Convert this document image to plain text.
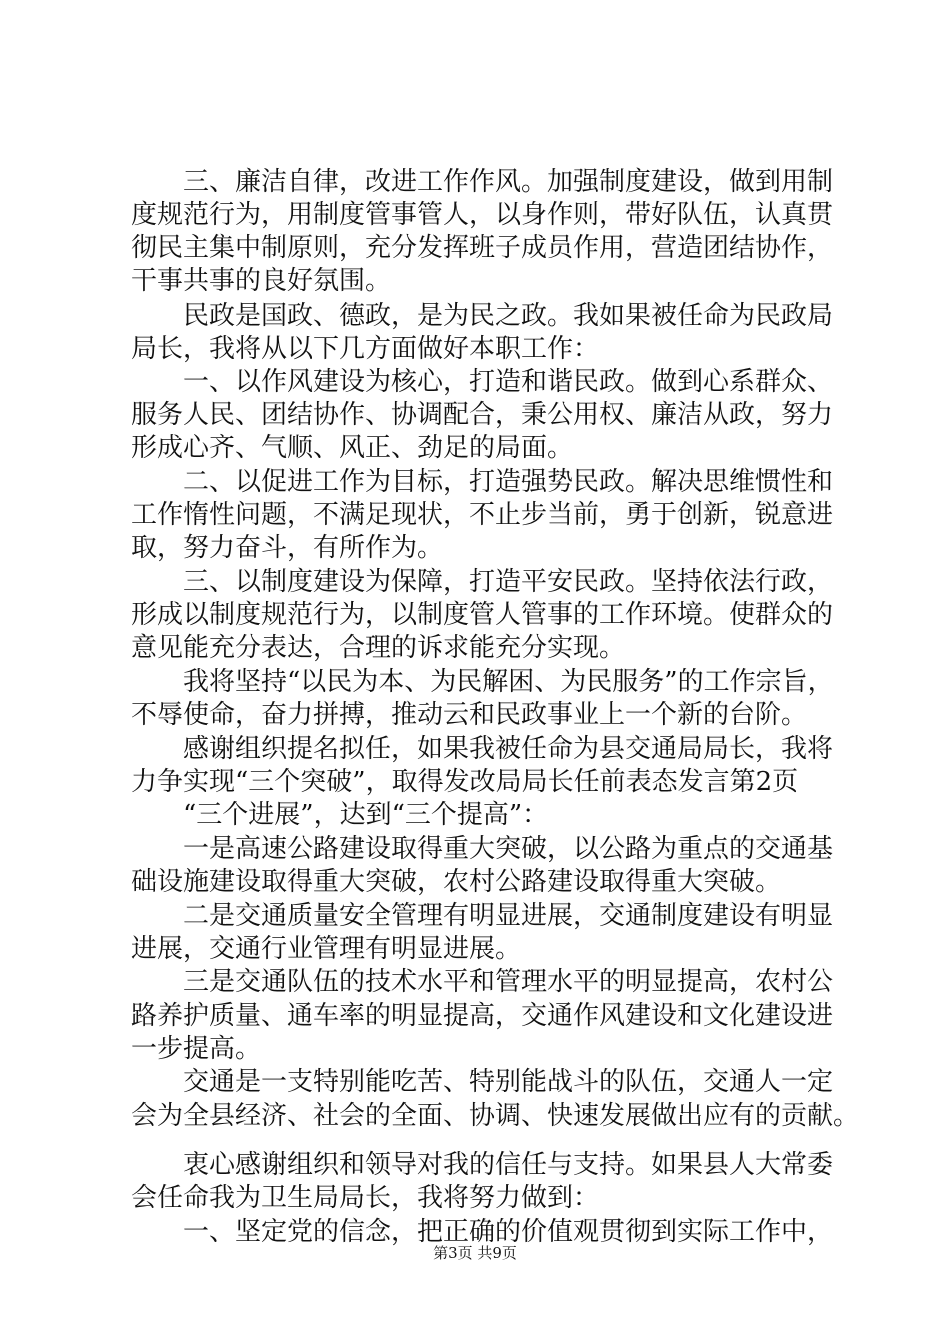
　　三、廉洁自律，改进工作作风。加强制度建设，做到用制
度规范行为，用制度管事管人，以身作则，带好队伍，认真贯
彻民主集中制原则，充分发挥班子成员作用，营造团结协作，
干事共事的良好氛围。
　　民政是国政、德政，是为民之政。我如果被任命为民政局
局长，我将从以下几方面做好本职工作：
　　一、以作风建设为核心，打造和谐民政。做到心系群众、
服务人民、团结协作、协调配合，秉公用权、廉洁从政，努力
形成心齐、气顺、风正、劲足的局面。
　　二、以促进工作为目标，打造强势民政。解决思维惯性和
工作惰性问题，不满足现状，不止步当前，勇于创新，锐意进
取，努力奋斗，有所作为。
　　三、以制度建设为保障，打造平安民政。坚持依法行政，
形成以制度规范行为，以制度管人管事的工作环境。使群众的
意见能充分表达，合理的诉求能充分实现。
　　我将坚持“以民为本、为民解困、为民服务”的工作宗旨，
不辱使命，奋力拼搏，推动云和民政事业上一个新的台阶。
　　感谢组织提名拟任，如果我被任命为县交通局局长，我将
力争实现“三个突破”，取得发改局局长任前表态发言第2页
　　“三个进展”，达到“三个提高”：
　　一是高速公路建设取得重大突破，以公路为重点的交通基
础设施建设取得重大突破，农村公路建设取得重大突破。
　　二是交通质量安全管理有明显进展，交通制度建设有明显
进展，交通行业管理有明显进展。
　　三是交通队伍的技术水平和管理水平的明显提高，农村公
路养护质量、通车率的明显提高，交通作风建设和文化建设进
一步提高。
　　交通是一支特别能吃苦、特别能战斗的队伍，交通人一定
会为全县经济、社会的全面、协调、快速发展做出应有的贡献。
　　衷心感谢组织和领导对我的信任与支持。如果县人大常委
会任命我为卫生局局长，我将努力做到：
　　一、坚定党的信念，把正确的价值观贯彻到实际工作中，
第3页 共9页
